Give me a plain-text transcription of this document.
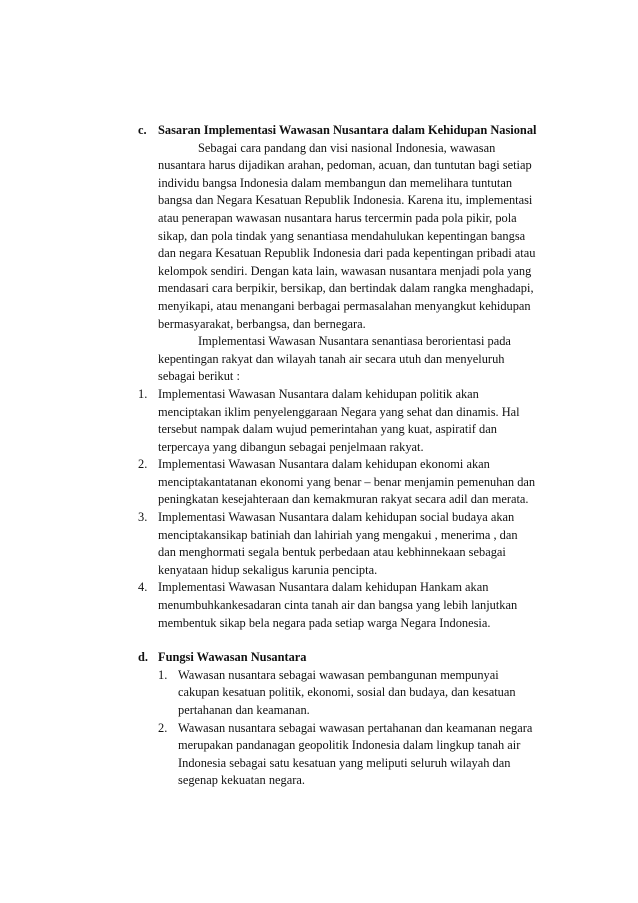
c. Sasaran Implementasi Wawasan Nusantara dalam Kehidupan Nasional

Sebagai cara pandang dan visi nasional Indonesia, wawasan nusantara harus dijadikan arahan, pedoman, acuan, dan tuntutan bagi setiap individu bangsa Indonesia dalam membangun dan memelihara tuntutan bangsa dan Negara Kesatuan Republik Indonesia. Karena itu, implementasi atau penerapan wawasan nusantara harus tercermin pada pola pikir, pola sikap, dan pola tindak yang senantiasa mendahulukan kepentingan bangsa dan negara Kesatuan Republik Indonesia dari pada kepentingan pribadi atau kelompok sendiri. Dengan kata lain, wawasan nusantara menjadi pola yang mendasari cara berpikir, bersikap, dan bertindak dalam rangka menghadapi, menyikapi, atau menangani berbagai permasalahan menyangkut kehidupan bermasyarakat, berbangsa, dan bernegara.

Implementasi Wawasan Nusantara senantiasa berorientasi pada kepentingan rakyat dan wilayah tanah air secara utuh dan menyeluruh sebagai berikut :

1. Implementasi Wawasan Nusantara dalam kehidupan politik akan menciptakan iklim penyelenggaraan Negara yang sehat dan dinamis. Hal tersebut nampak dalam wujud pemerintahan yang kuat, aspiratif dan terpercaya yang dibangun sebagai penjelmaan rakyat.

2. Implementasi Wawasan Nusantara dalam kehidupan ekonomi akan menciptakantatanan ekonomi yang benar – benar menjamin pemenuhan dan peningkatan kesejahteraan dan kemakmuran rakyat secara adil dan merata.

3. Implementasi Wawasan Nusantara dalam kehidupan social budaya akan menciptakansikap batiniah dan lahiriah yang mengakui , menerima , dan dan menghormati segala bentuk perbedaan atau kebhinnekaan sebagai kenyataan hidup sekaligus karunia pencipta.

4. Implementasi Wawasan Nusantara dalam kehidupan Hankam akan menumbuhkankesadaran cinta tanah air dan bangsa yang lebih lanjutkan membentuk sikap bela negara pada setiap warga Negara Indonesia.

d. Fungsi Wawasan Nusantara

1. Wawasan nusantara sebagai wawasan pembangunan mempunyai cakupan kesatuan politik, ekonomi, sosial dan budaya, dan kesatuan pertahanan dan keamanan.

2. Wawasan nusantara sebagai wawasan pertahanan dan keamanan negara merupakan pandanagan geopolitik Indonesia dalam lingkup tanah air Indonesia sebagai satu kesatuan yang meliputi seluruh wilayah dan segenap kekuatan negara.
